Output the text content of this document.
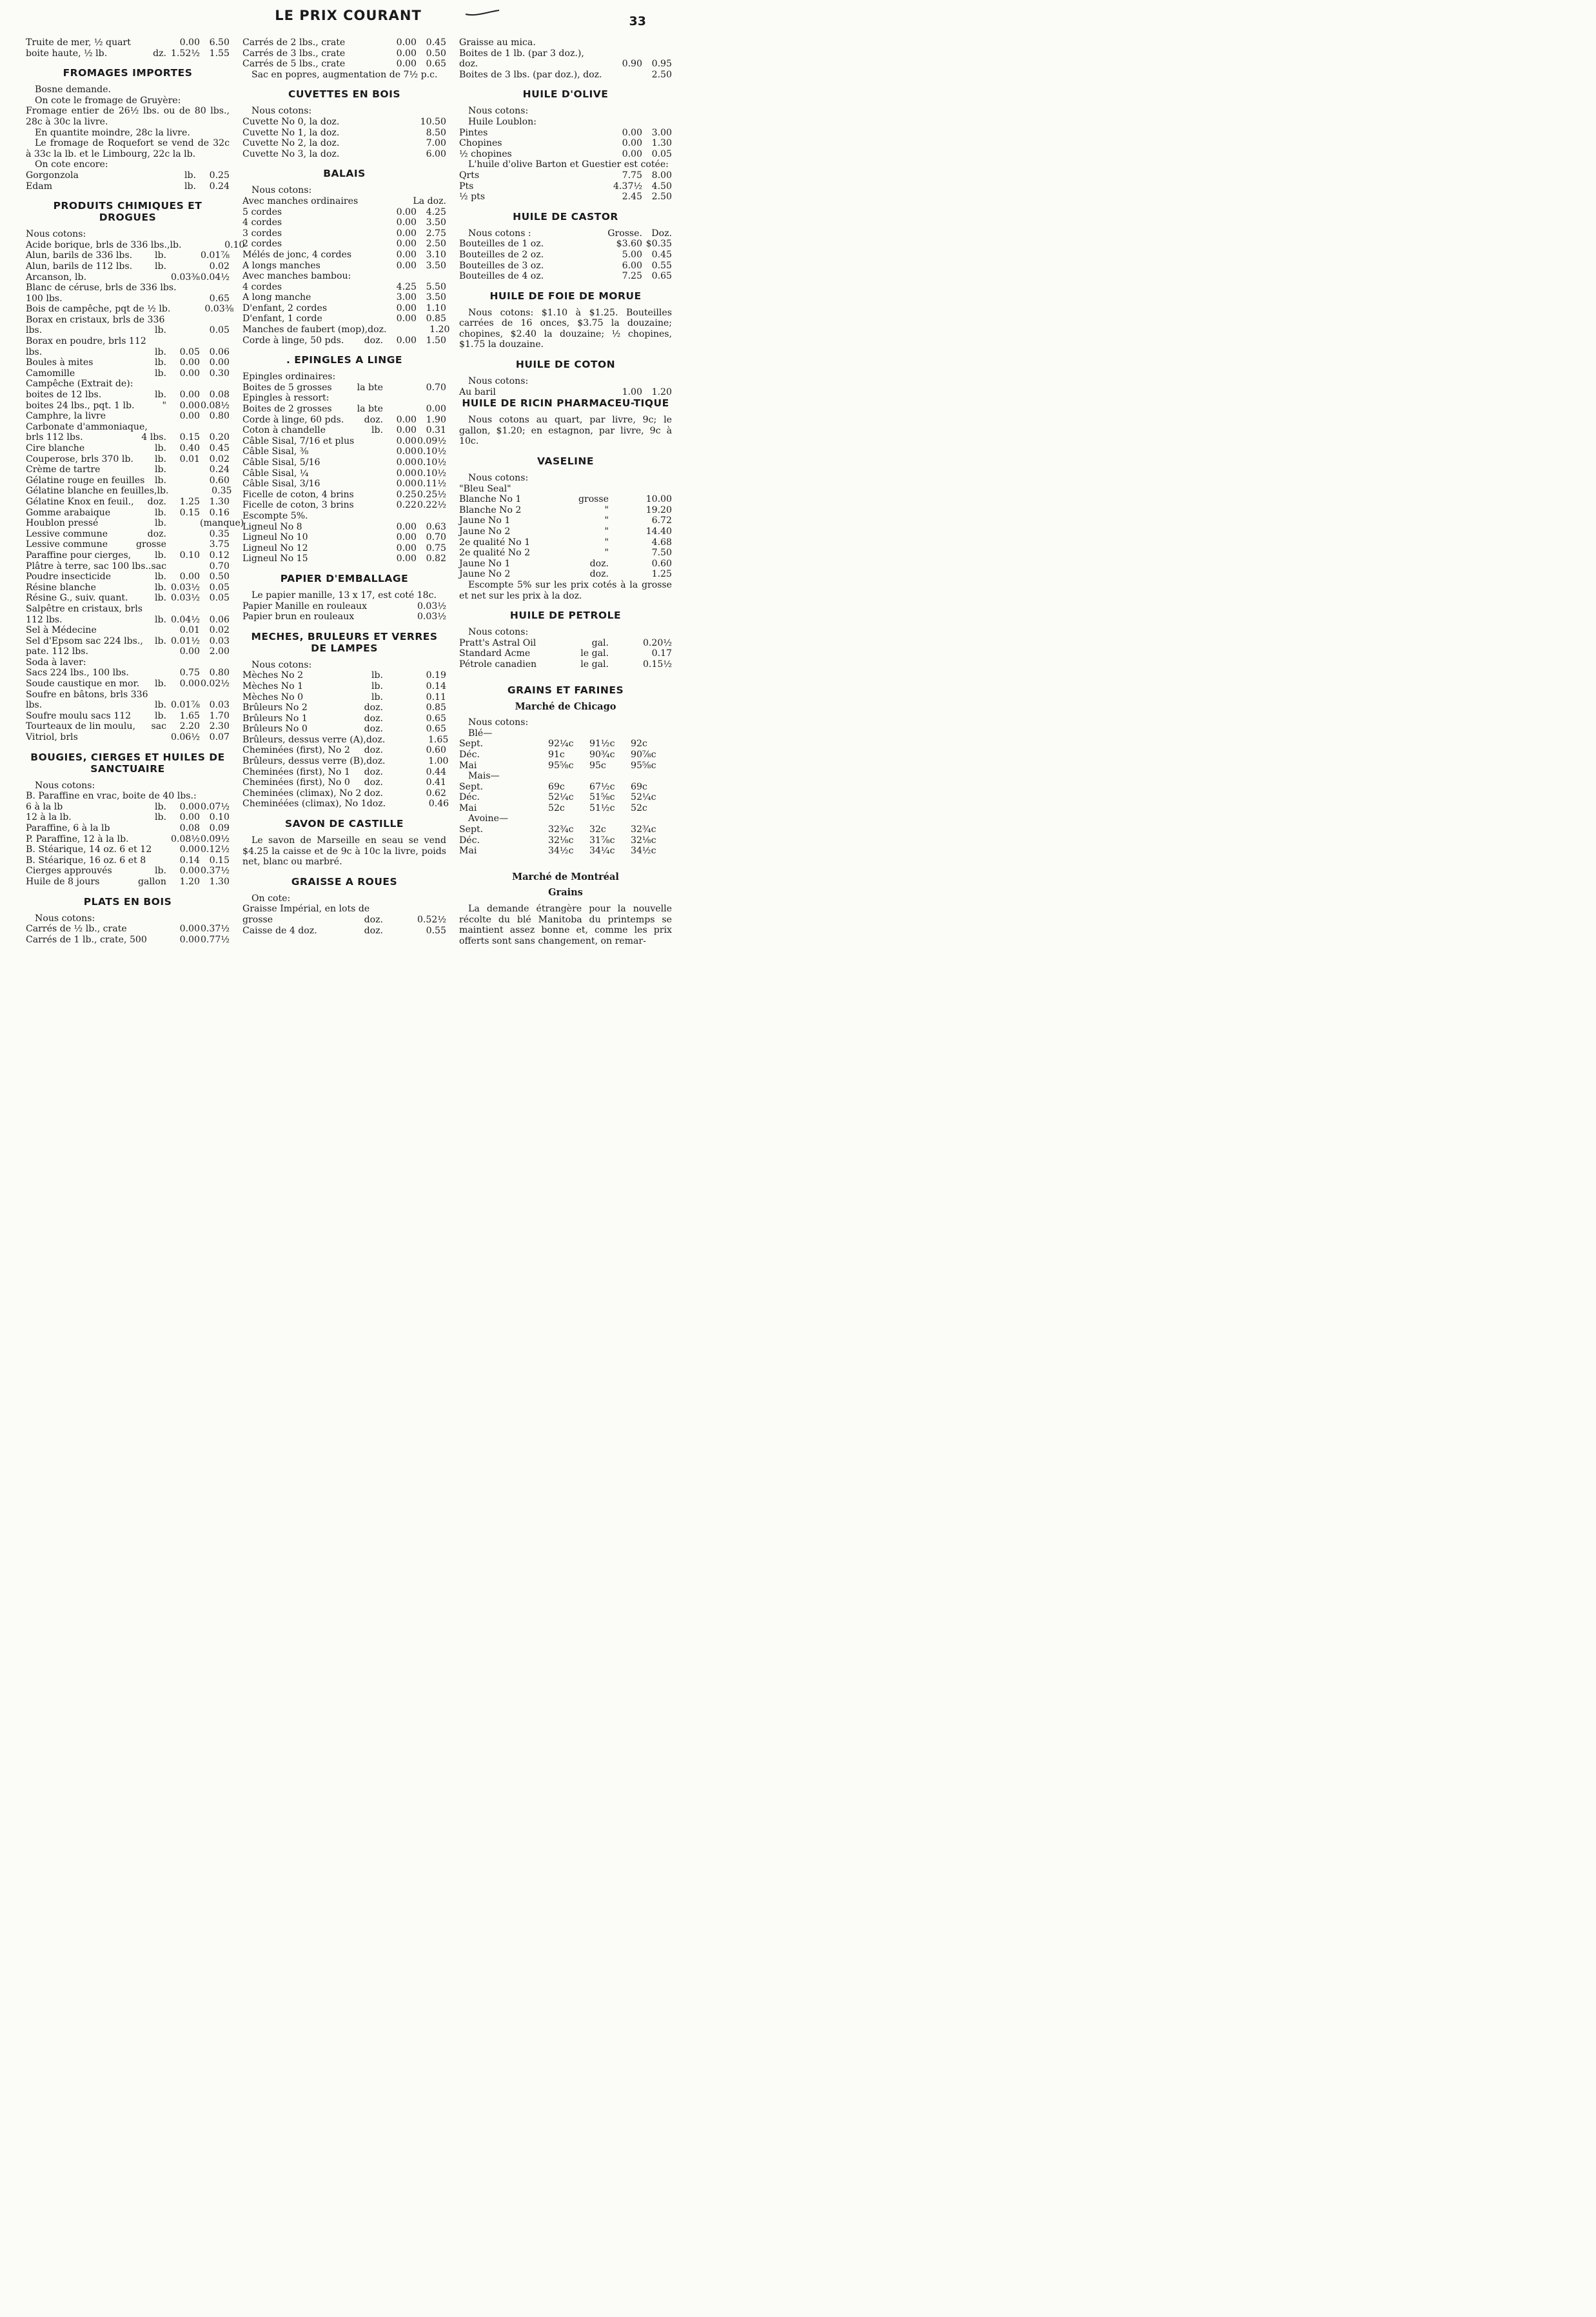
LE PRIX COURANT	33
Truite de mer, ½ quart	0.00	6.50
boite haute, ½ lb.	dz. 1.52½	1.55
FROMAGES IMPORTES

Bosne demande.

On cote le fromage de Gruyère:

Fromage entier de 26½ lbs. ou de 80 lbs., 28c à 30c la livre.

En quantite moindre, 28c la livre.

Le fromage de Roquefort se vend de 32c à 33c la lb. et le Limbourg, 22c la lb.

On cote encore:

Gorgonzola	lb.	0.25
Edam	lb.	0.24
PRODUITS CHIMIQUES ET DROGUES
Nous cotons:
Acide borique, brls de 336 lbs., lb.	0.10
Alun, barils de 336 lbs.	lb.	0.01⅞
Alun, barils de 112 lbs.	lb.	0.02
Arcanson, lb.	0.03⅜ 0.04½
Blanc de céruse, brls de 336 lbs.
100 lbs.	0.65
Bois de campêche, pqt de ½ lb.	0.03⅜
Borax en cristaux, brls de 336
lbs.	lb.	0.05
Borax en poudre, brls 112
lbs.	lb.	0.05	0.06
Boules à mites	lb.	0.00	0.00
Camomille	lb.	0.00	0.30
Campêche (Extrait de):
boites de 12 lbs.	lb.	0.00	0.08
boites 24 lbs., pqt. 1 lb.	"	0.00 0.08½
Camphre, la livre	0.00	0.80
Carbonate d'ammoniaque,
brls 112 lbs.	4 lbs.	0.15	0.20
Cire blanche	lb.	0.40	0.45
Couperose, brls 370 lb.	lb.	0.01	0.02
Crème de tartre	lb.	0.24
Gélatine rouge en feuilles	lb.	0.60
Gélatine blanche en feuilles, lb.	0.35
Gélatine Knox en feuil.,	doz.	1.25	1.30
Gomme arabaique	lb.	0.15	0.16
Houblon pressé	lb.	(manque)
Lessive commune	doz.	0.35
Lessive commune	grosse	3.75
Paraffine pour cierges,	lb.	0.10	0.12
Plâtre à terre, sac 100 lbs.. sac	0.70
Poudre insecticide	lb.	0.00	0.50
Résine blanche	lb. 0.03½	0.05
Résine G., suiv. quant.	lb. 0.03½	0.05
Salpêtre en cristaux, brls
112 lbs.	lb. 0.04½	0.06
Sel à Médecine	0.01	0.02
Sel d'Epsom sac 224 lbs.,	lb. 0.01½	0.03
pate. 112 lbs.	0.00	2.00
Soda à laver:
Sacs 224 lbs., 100 lbs.	0.75	0.80
Soude caustique en mor.	lb.	0.00 0.02½
Soufre en bâtons, brls 336
lbs.	lb. 0.01⅞	0.03
Soufre moulu sacs 112	lb.	1.65	1.70
Tourteaux de lin moulu,	sac	2.20	2.30
Vitriol, brls	0.06½	0.07
BOUGIES, CIERGES ET HUILES DE SANCTUAIRE
Nous cotons:
B. Paraffine en vrac, boite de 40 lbs.:
6 à la lb	lb.	0.00 0.07½
12 à la lb.	lb.	0.00	0.10
Paraffine, 6 à la lb	0.08	0.09
P. Paraffine, 12 à la lb.	0.08½ 0.09½
B. Stéarique, 14 oz. 6 et 12	0.00 0.12½
B. Stéarique, 16 oz. 6 et 8	0.14	0.15
Cierges approuvés	lb.	0.00 0.37½
Huile de 8 jours	gallon	1.20	1.30
PLATS EN BOIS
Nous cotons:
Carrés de ½ lb., crate	0.00 0.37½
Carrés de 1 lb., crate, 500	0.00 0.77½
Carrés de 2 lbs., crate	0.00	0.45
Carrés de 3 lbs., crate	0.00	0.50
Carrés de 5 lbs., crate	0.00	0.65

Sac en popres, augmentation de 7½ p.c.

CUVETTES EN BOIS
Nous cotons:
Cuvette No 0, la doz.	10.50
Cuvette No 1, la doz.	8.50
Cuvette No 2, la doz.	7.00
Cuvette No 3, la doz.	6.00
BALAIS
Nous cotons:
Avec manches ordinaires	La doz.
5 cordes	0.00	4.25
4 cordes	0.00	3.50
3 cordes	0.00	2.75
2 cordes	0.00	2.50
Mélés de jonc, 4 cordes	0.00	3.10
A longs manches	0.00	3.50
Avec manches bambou:
4 cordes	4.25	5.50
A long manche	3.00	3.50
D'enfant, 2 cordes	0.00	1.10
D'enfant, 1 corde	0.00	0.85
Manches de faubert (mop), doz.	1.20
Corde à linge, 50 pds.	doz.	0.00	1.50
. EPINGLES A LINGE
Epingles ordinaires:
Boites de 5 grosses	la bte	0.70
Epingles à ressort:
Boites de 2 grosses	la bte	0.00
Corde à linge, 60 pds.	doz.	0.00	1.90
Coton à chandelle	lb.	0.00	0.31
Câble Sisal, 7/16 et plus	0.00 0.09½
Câble Sisal, ⅜	0.00 0.10½
Câble Sisal, 5/16	0.00 0.10½
Câble Sisal, ¼	0.00 0.10½
Câble Sisal, 3/16	0.00 0.11½
Ficelle de coton, 4 brins	0.25 0.25½
Ficelle de coton, 3 brins	0.22 0.22½
Escompte 5%.
Ligneul No 8	0.00	0.63
Ligneul No 10	0.00	0.70
Ligneul No 12	0.00	0.75
Ligneul No 15	0.00	0.82
PAPIER D'EMBALLAGE

Le papier manille, 13 x 17, est coté 18c.

Papier Manille en rouleaux	0.03½
Papier brun en rouleaux	0.03½
MECHES, BRULEURS ET VERRES DE LAMPES
Nous cotons:
Mèches No 2	lb.	0.19
Mèches No 1	lb.	0.14
Mèches No 0	lb.	0.11
Brûleurs No 2	doz.	0.85
Brûleurs No 1	doz.	0.65
Brûleurs No 0	doz.	0.65
Brûleurs, dessus verre (A), doz.	1.65
Cheminées (first), No 2	doz.	0.60
Brûleurs, dessus verre (B), doz.	1.00
Cheminées (first), No 1	doz.	0.44
Cheminées (first), No 0	doz.	0.41
Cheminées (climax), No 2 doz.	0.62
Cheminéées (climax), No 1 doz.	0.46
SAVON DE CASTILLE

Le savon de Marseille en seau se vend $4.25 la caisse et de 9c à 10c la livre, poids net, blanc ou marbré.

GRAISSE A ROUES
On cote:
Graisse Impérial, en lots de
grosse	doz.	0.52½
Caisse de 4 doz.	doz.	0.55
Graisse au mica.
Boites de 1 lb. (par 3 doz.),
doz.	0.90	0.95
Boites de 3 lbs. (par doz.), doz.	2.50
HUILE D'OLIVE
Nous cotons:
Huile Loublon:
Pintes	0.00	3.00
Chopines	0.00	1.30
½ chopines	0.00	0.05

L'huile d'olive Barton et Guestier est cotée:

Qrts	7.75	8.00
Pts	4.37½	4.50
½ pts	2.45	2.50
HUILE DE CASTOR
Nous cotons :	Grosse.	Doz.
Bouteilles de 1 oz.	$3.60 $0.35
Bouteilles de 2 oz.	5.00	0.45
Bouteilles de 3 oz.	6.00	0.55
Bouteilles de 4 oz.	7.25	0.65
HUILE DE FOIE DE MORUE

Nous cotons: $1.10 à $1.25. Bouteilles carrées de 16 onces, $3.75 la douzaine; chopines, $2.40 la douzaine; ½ chopines, $1.75 la douzaine.

HUILE DE COTON
Nous cotons:
Au baril	1.00	1.20
HUILE DE RICIN PHARMACEU-TIQUE

Nous cotons au quart, par livre, 9c; le gallon, $1.20; en estagnon, par livre, 9c à 10c.

VASELINE
Nous cotons:
"Bleu Seal"
Blanche No 1	grosse	10.00
Blanche No 2	"	19.20
Jaune No 1	"	6.72
Jaune No 2	"	14.40
2e qualité No 1	"	4.68
2e qualité No 2	"	7.50
Jaune No 1	doz.	0.60
Jaune No 2	doz.	1.25

Escompte 5% sur les prix cotés à la grosse et net sur les prix à la doz.

HUILE DE PETROLE
Nous cotons:
Pratt's Astral Oil	gal.	0.20½
Standard Acme	le gal.	0.17
Pétrole canadien	le gal.	0.15½
GRAINS ET FARINES
Marché de Chicago
Nous cotons:
Blé—
Sept.	92¼c	91½c	92c
Déc.	91c	90¾c	90⅞c
Mai	95⅝c	95c	95⅝c
Mais—
Sept.	69c	67½c	69c
Déc.	52¼c	51⅝c	52¼c
Mai	52c	51½c	52c
Avoine—
Sept.	32¾c	32c	32¾c
Déc.	32⅛c	31⅞c	32⅛c
Mai	34½c	34¼c	34½c
Marché de Montréal
Grains

La demande étrangère pour la nouvelle récolte du blé Manitoba du printemps se maintient assez bonne et, comme les prix offerts sont sans changement, on remar-
